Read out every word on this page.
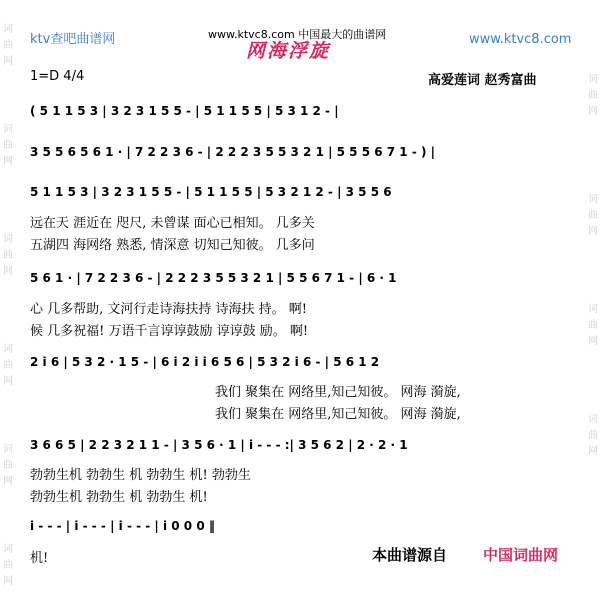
词
曲
网
词
曲
网
词
曲
网
词
曲
网
词
曲
网
词
曲
网
词
曲
网
词
曲
网
词
曲
网
词
曲
网
ktv查吧曲谱网	www.ktvc8.com 中国最大的曲谱网	www.ktvc8.com
网海浮旋
1=D 4/4	高爱莲词 赵秀富曲
( 5 1 1 5 3 | 3 2 3 1 5 5 - | 5 1 1 5 5 | 5 3 1 2 - |
3 5 5 6 5 6 1 · | 7 2 2 3 6 - | 2 2 2 3 5 5 3 2 1 | 5 5 5 6 7 1 - ) |
5 1 1 5 3 | 3 2 3 1 5 5 - | 5 1 1 5 5 | 5 3 2 1 2 - | 3 5 5 6
远在天 涯近在 咫尺, 未曾谋 面心已相知。 几多关
五湖四 海网络 熟悉, 情深意 切知己知彼。 几多问
5 6 1 · | 7 2 2 3 6 - | 2 2 2 3 5 5 3 2 1 | 5 5 6 7 1 - | 6 · 1
心 几多帮助, 文河行走诗海扶持 诗海扶 持。 啊!
候 几多祝福! 万语千言谆谆鼓励 谆谆鼓 励。 啊!
2 i 6 | 5 3 2 · 1 5 - | 6 i 2 i i 6 5 6 | 5 3 2 i 6 - | 5 6 1 2
我们 聚集在 网络里,知己知彼。 网海 漪旋,
我们 聚集在 网络里,知己知彼。 网海 漪旋,
3 6 6 5 | 2 2 3 2 1 1 - | 3 5 6 · 1 | i - - - :| 3 5 6 2 | 2 · 2 · 1
勃勃生机 勃勃生 机 勃勃生 机! 勃勃生
勃勃生机 勃勃生 机 勃勃生 机!
i - - - | i - - - | i - - - | i 0 0 0 ‖
机!	本曲谱源自 中国词曲网
